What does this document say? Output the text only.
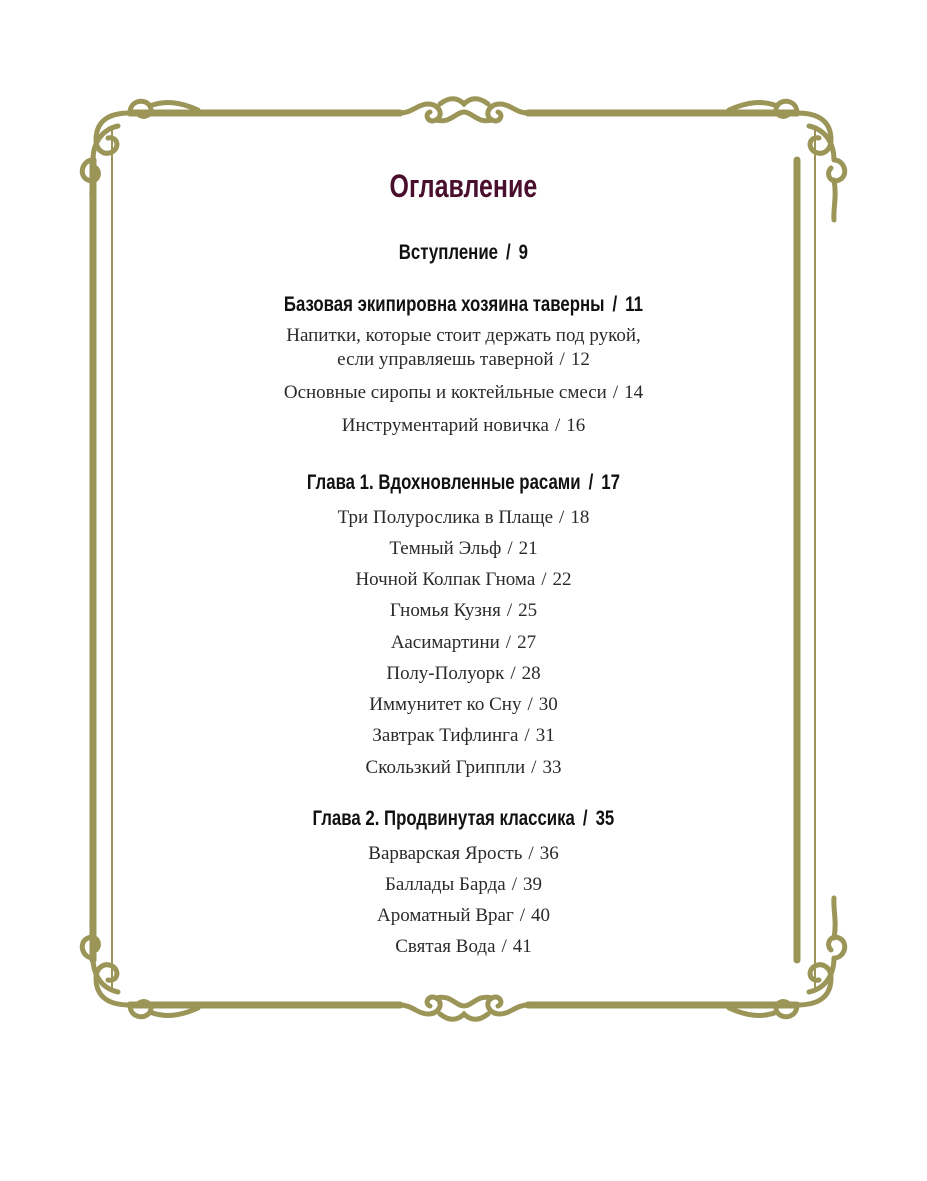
Оглавление
Вступление / 9
Базовая экипировна хозяина таверны / 11
Напитки, которые стоит держать под рукой,
если управляешь таверной / 12
Основные сиропы и коктейльные смеси / 14
Инструментарий новичка / 16
Глава 1. Вдохновленные расами / 17
Три Полурослика в Плаще / 18
Темный Эльф / 21
Ночной Колпак Гнома / 22
Гномья Кузня / 25
Аасимартини / 27
Полу-Полуорк / 28
Иммунитет ко Сну / 30
Завтрак Тифлинга / 31
Скользкий Гриппли / 33
Глава 2. Продвинутая классика / 35
Варварская Ярость / 36
Баллады Барда / 39
Ароматный Враг / 40
Святая Вода / 41
